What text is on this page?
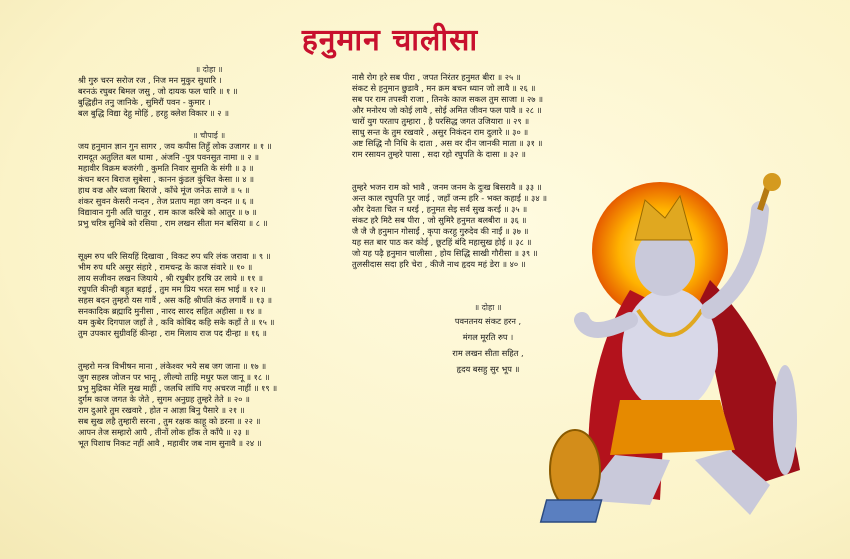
हनुमान चालीसा
॥ दोहा ॥
श्री गुरु चरन सरोज रज , निज मन मुकुर सुधारि ।
बरनऊं रघुबर बिमल जसु , जो दायक फल चारि ॥ १ ॥
बुद्धिहीन तनु जानिके , सुमिरौं पवन - कुमार ।
बल बुद्धि विद्या देहु मोहिं , हरहु क्लेश विकार ॥ २ ॥
॥ चौपाई ॥
जय हनुमान ज्ञान गुन सागर , जय कपीस तिहुँ लोक उजागर ॥ १ ॥
रामदूत अतुलित बल धामा , अंजनि -पुत्र पवनसुत नामा ॥ २ ॥
महावीर विक्रम बजरंगी , कुमति निवार सुमति के संगी ॥ ३ ॥
कंचन बरन बिराज सुबेसा , कानन कुंडल कुंचित केसा ॥ ४ ॥
हाथ वज्र और ध्वजा बिराजे , काँधे मूंज जनेऊ साजे ॥ ५ ॥
शंकर सुवन केसरी नन्दन , तेज प्रताप महा जग वन्दन ॥ ६ ॥
विद्यावान गुनी अति चातुर , राम काज करिबे को आतुर ॥ ७ ॥
प्रभु चरित्र सुनिबे को रसिया , राम लखन सीता मन बसिया ॥ ८ ॥
सूक्ष्म रुप धरि सियहिं दिखावा , विकट रुप धरि लंक जरावा ॥ ९ ॥
भीम रुप धरि असुर संहारे , रामचन्द्र के काज संवारे ॥ १० ॥
लाय सजीवन लखन जियाये , श्री रघुबीर हरषि उर लाये ॥ ११ ॥
रघुपति कीन्ही बहुत बड़ाई , तुम मम प्रिय भरत सम भाई ॥ १२ ॥
सहस बदन तुम्हरो यस गावैं , अस कहि श्रीपति कंठ लगावैं ॥ १३ ॥
सनकादिक ब्रह्मादि मुनीसा , नारद सारद सहित अहीसा ॥ १४ ॥
यम कुबेर दिगपाल जहाँ ते , कवि कोबिद कहि सके कहाँ ते ॥ १५ ॥
तुम उपकार सुग्रीवहिं कीन्हा , राम मिलाय राज पद दीन्हा ॥ १६ ॥
तुम्हरो मन्त्र विभीषन माना , लंकेश्वर भये सब जग जाना ॥ १७ ॥
जुग सहस्त्र जोजन पर भानू , लील्यो ताहि मधुर फल जानू ॥ १८ ॥
प्रभु मुद्रिका मेलि मुख माहीं , जलधि लांघि गए अचरज नाहीं ॥ १९ ॥
दुर्गम काज जगत के जेते , सुगम अनुग्रह तुम्हरे तेते ॥ २० ॥
राम दुआरे तुम रखवारे , होत न आज्ञा बिनु पैसारे ॥ २१ ॥
सब सुख लहै तुम्हारी सरना , तुम रक्षक काहू को डरना ॥ २२ ॥
आपन तेज सम्हारो आपै , तीनों लोक हाँक ते काँपै ॥ २३ ॥
भूत पिशाच निकट नहीं आवै , महावीर जब नाम सुनावै ॥ २४ ॥
नासै रोग हरे सब पीरा , जपत निरंतर हनुमत बीरा ॥ २५ ॥
संकट से हनुमान छुडावै , मन क्रम बचन ध्यान जो लावै ॥ २६ ॥
सब पर राम तपस्वी राजा , तिनके काज सकल तुम साजा ॥ २७ ॥
और मनोरथ जो कोई लावै , सोई अमित जीवन फल पावै ॥ २८ ॥
चारों युग परताप तुम्हारा , है परसिद्ध जगत उजियारा ॥ २९ ॥
साधु सन्त के तुम रखवारे , असुर निकंदन राम दुलारे ॥ ३० ॥
अष्ट सिद्धि नौ निधि के दाता , अस वर दीन जानकी माता ॥ ३१ ॥
राम रसायन तुम्हरे पासा , सदा रहो रघुपति के दासा ॥ ३२ ॥
तुम्हरे भजन राम को भावै , जनम जनम के दुःख बिसरावै ॥ ३३ ॥
अन्त काल रघुपति पुर जाई , जहाँ जन्म हरि - भक्त कहाई ॥ ३४ ॥
और देवता चित न धरई , हनुमत सेइ सर्व सुख करई ॥ ३५ ॥
संकट हरै मिटै सब पीरा , जो सुमिरै हनुमत बलबीरा ॥ ३६ ॥
जै जै जै हनुमान गोसाईं , कृपा करहु गुरुदेव की नाईं ॥ ३७ ॥
यह सत बार पाठ कर कोई , छूटहिं बंदि महासुख होई ॥ ३८ ॥
जो यह पढ़ै हनुमान चालीसा , होय सिद्धि साखी गौरीसा ॥ ३९ ॥
तुलसीदास सदा हरि चेरा , कीजै नाथ हृदय महं डेरा ॥ ४० ॥
॥ दोहा ॥
पवनतनय संकट हरन ,
मंगल मूरति रुप ।
राम लखन सीता सहित ,
हृदय बसहु सुर भूप ॥
